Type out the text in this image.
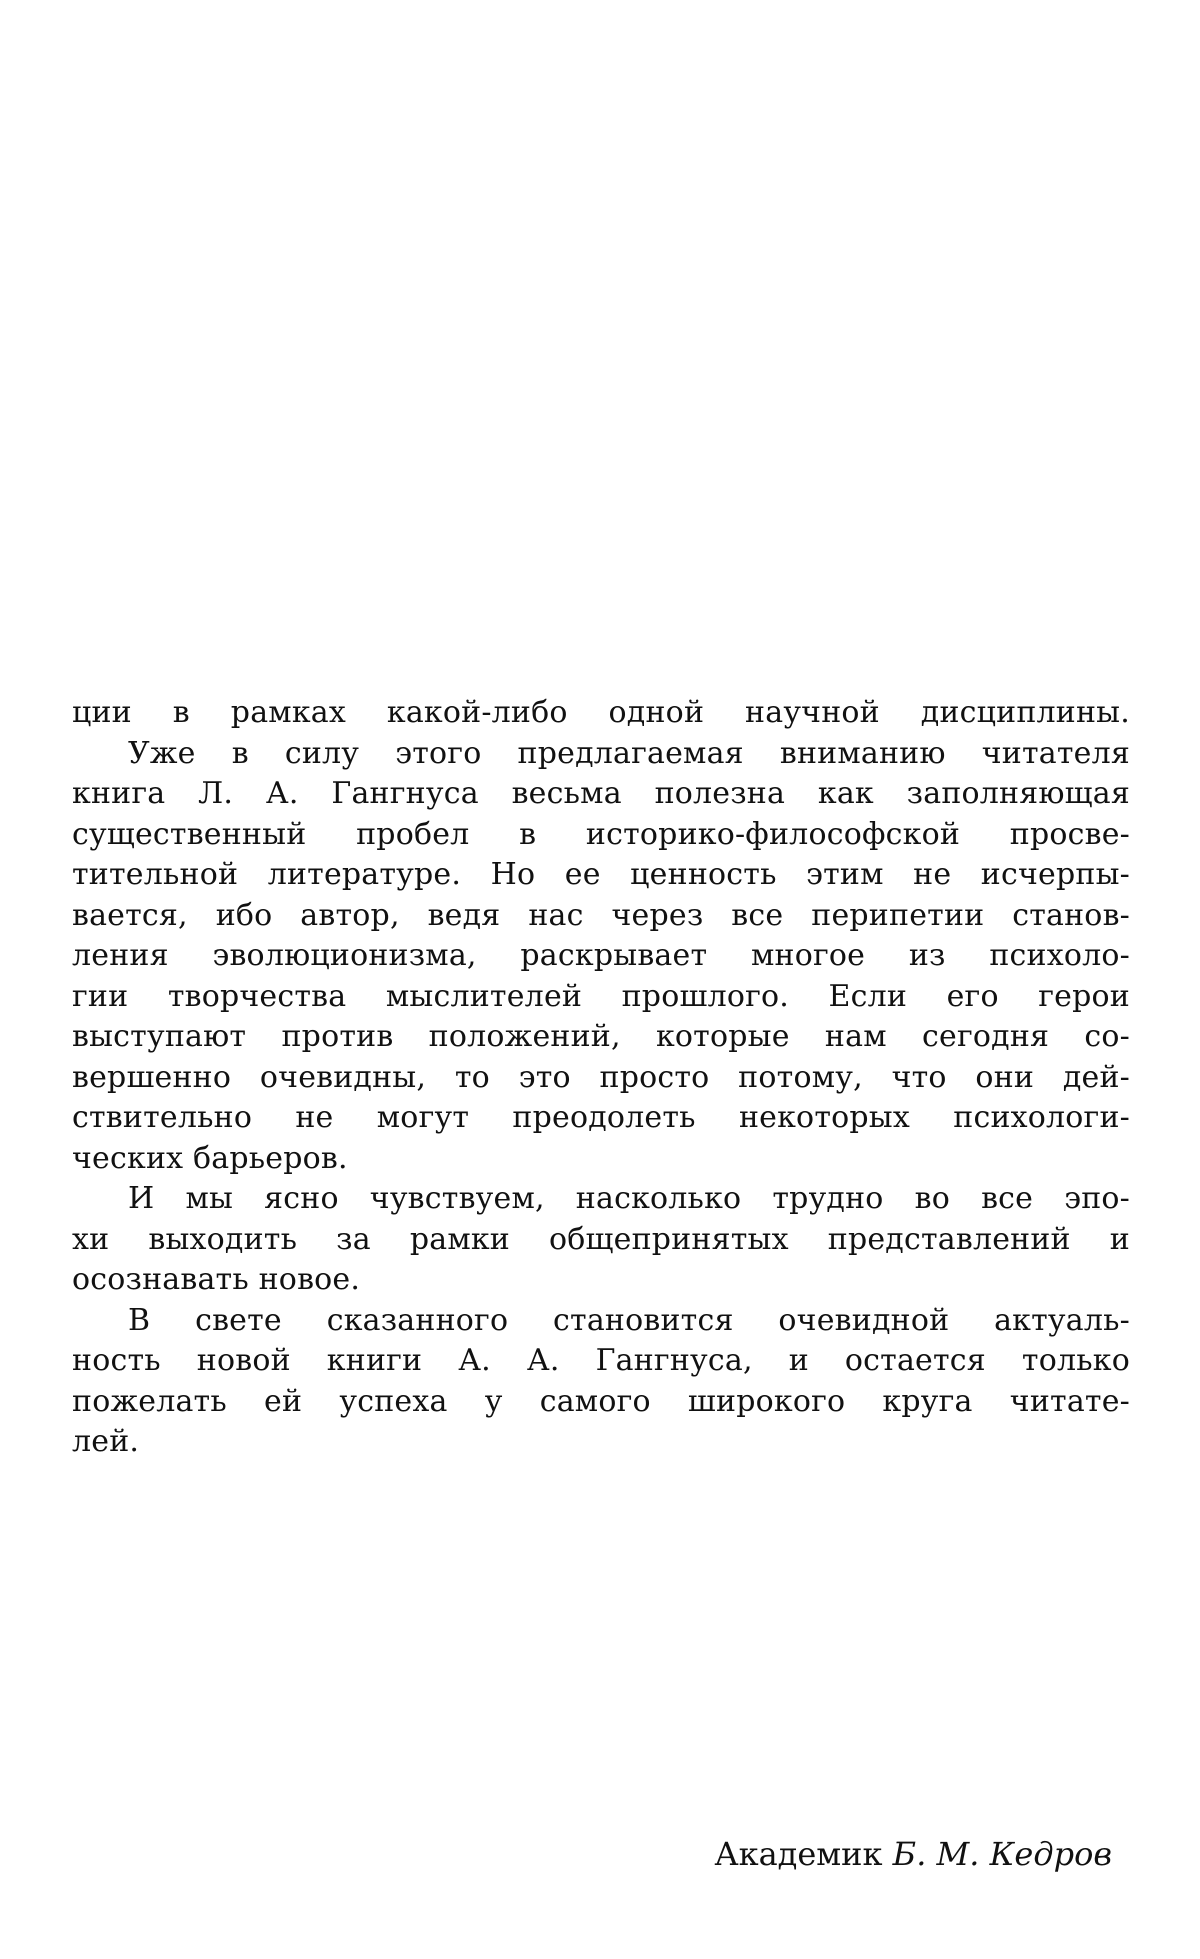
ции в рамках какой-либо одной научной дисциплины.
Уже в силу этого предлагаемая вниманию читателя
книга Л. А. Гангнуса весьма полезна как заполняющая
существенный пробел в историко-философской просве-
тительной литературе. Но ее ценность этим не исчерпы-
вается, ибо автор, ведя нас через все перипетии станов-
ления эволюционизма, раскрывает многое из психоло-
гии творчества мыслителей прошлого. Если его герои
выступают против положений, которые нам сегодня со-
вершенно очевидны, то это просто потому, что они дей-
ствительно не могут преодолеть некоторых психологи-
ческих барьеров.
И мы ясно чувствуем, насколько трудно во все эпо-
хи выходить за рамки общепринятых представлений и
осознавать новое.
В свете сказанного становится очевидной актуаль-
ность новой книги А. А. Гангнуса, и остается только
пожелать ей успеха у самого широкого круга читате-
лей.
Академик Б. М. Кедров
